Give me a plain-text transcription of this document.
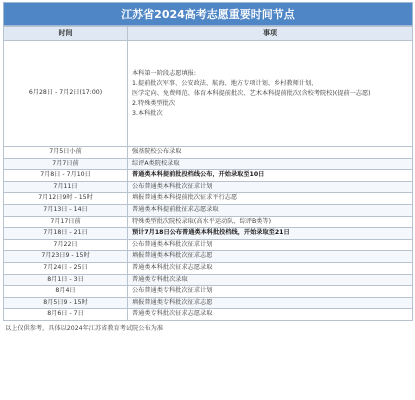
江苏省2024高考志愿重要时间节点
时间	事项
6月28日 - 7月2日(17:00)	本科第一阶段志愿填报:
1.提前批次军事、公安政法、航海、地方专项计划、乡村教师计划、
医学定向、免费师范、体育本科提前批次、艺术本科提前批次(含校考院校)(提前一志愿)
2.特殊类型批次
3.本科批次

7月5日小前	强基院校公布录取
7月7日前	综评A类院校录取
7月8日 - 7月10日	普通类本科提前批投档线公布，开始录取至10日
7月11日	公布普通类本科批次征求计划
7月12日9时 - 15时	填报普通类本科提前批次征求平行志愿
7月13日 - 14日	普通类本科提前批征求志愿录取
7月17日前	特殊类型批次院校录取(高水平运动队、综评B类等)
7月18日 - 21日	预计7月18日公布普通类本科批投档线，开始录取至21日
7月22日	公布普通类本科批次征求计划
7月23日9 - 15时	填报普通类本科批次征求志愿
7月24日 - 25日	普通类本科批次征求志愿录取
8月1日 - 3日	普通类专科批次录取
8月4日	公布普通类专科批次征求计划
8月5日9 - 15时	填报普通类专科批次征求志愿
8月6日 - 7日	普通类专科批次征求志愿录取
以上仅供参考，具体以2024年江苏省教育考试院公布为准
